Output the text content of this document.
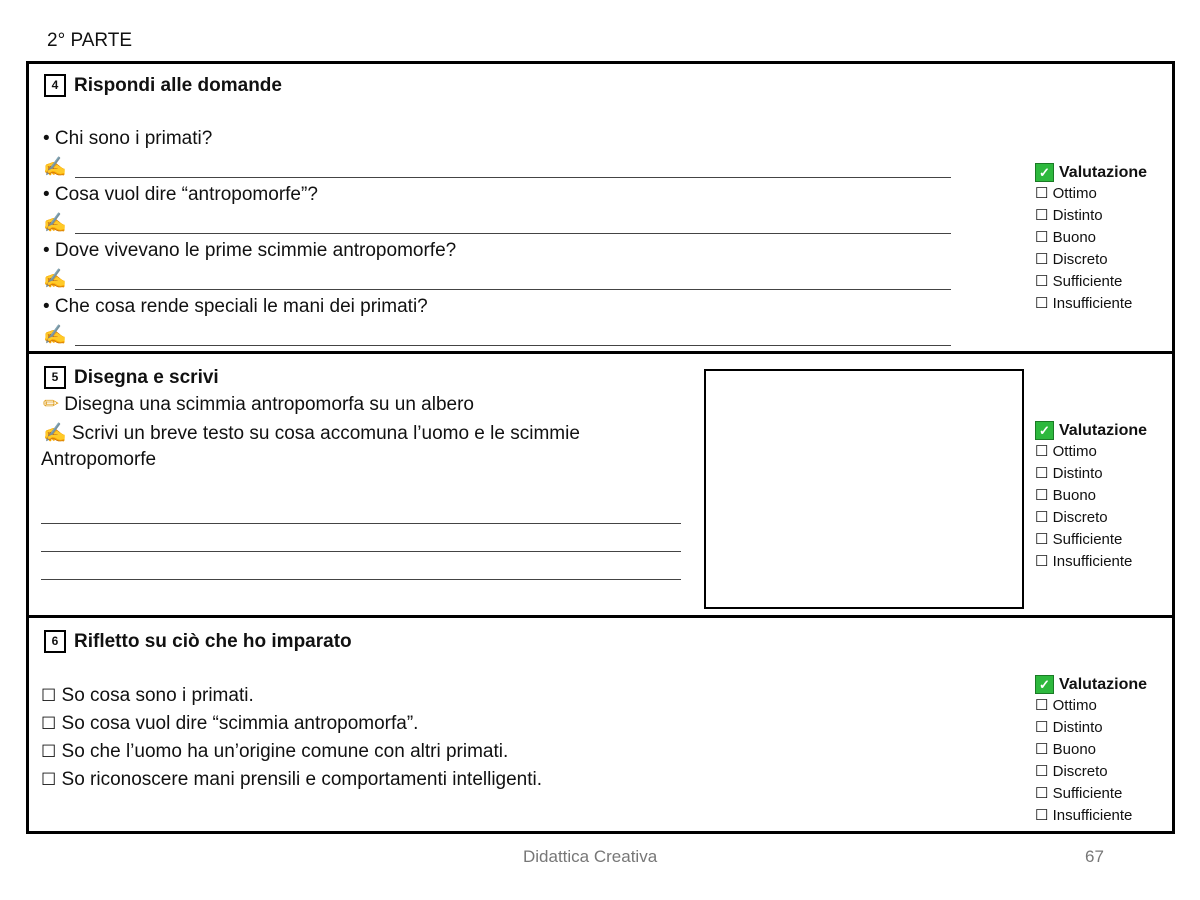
2° PARTE
4 Rispondi alle domande
• Chi sono i primati?
✍
• Cosa vuol dire “antropomorfe”?
✍
• Dove vivevano le prime scimmie antropomorfe?
✍
• Che cosa rende speciali le mani dei primati?
✍
✓ Valutazione
☐ Ottimo
☐ Distinto
☐ Buono
☐ Discreto
☐ Sufficiente
☐ Insufficiente
5 Disegna e scrivi
✏ Disegna una scimmia antropomorfa su un albero
✍ Scrivi un breve testo su cosa accomuna l’uomo e le scimmie
Antropomorfe
✓ Valutazione
☐ Ottimo
☐ Distinto
☐ Buono
☐ Discreto
☐ Sufficiente
☐ Insufficiente
6 Rifletto su ciò che ho imparato
☐ So cosa sono i primati.
☐ So cosa vuol dire “scimmia antropomorfa”.
☐ So che l’uomo ha un’origine comune con altri primati.
☐ So riconoscere mani prensili e comportamenti intelligenti.
✓ Valutazione
☐ Ottimo
☐ Distinto
☐ Buono
☐ Discreto
☐ Sufficiente
☐ Insufficiente
Didattica Creativa	67
